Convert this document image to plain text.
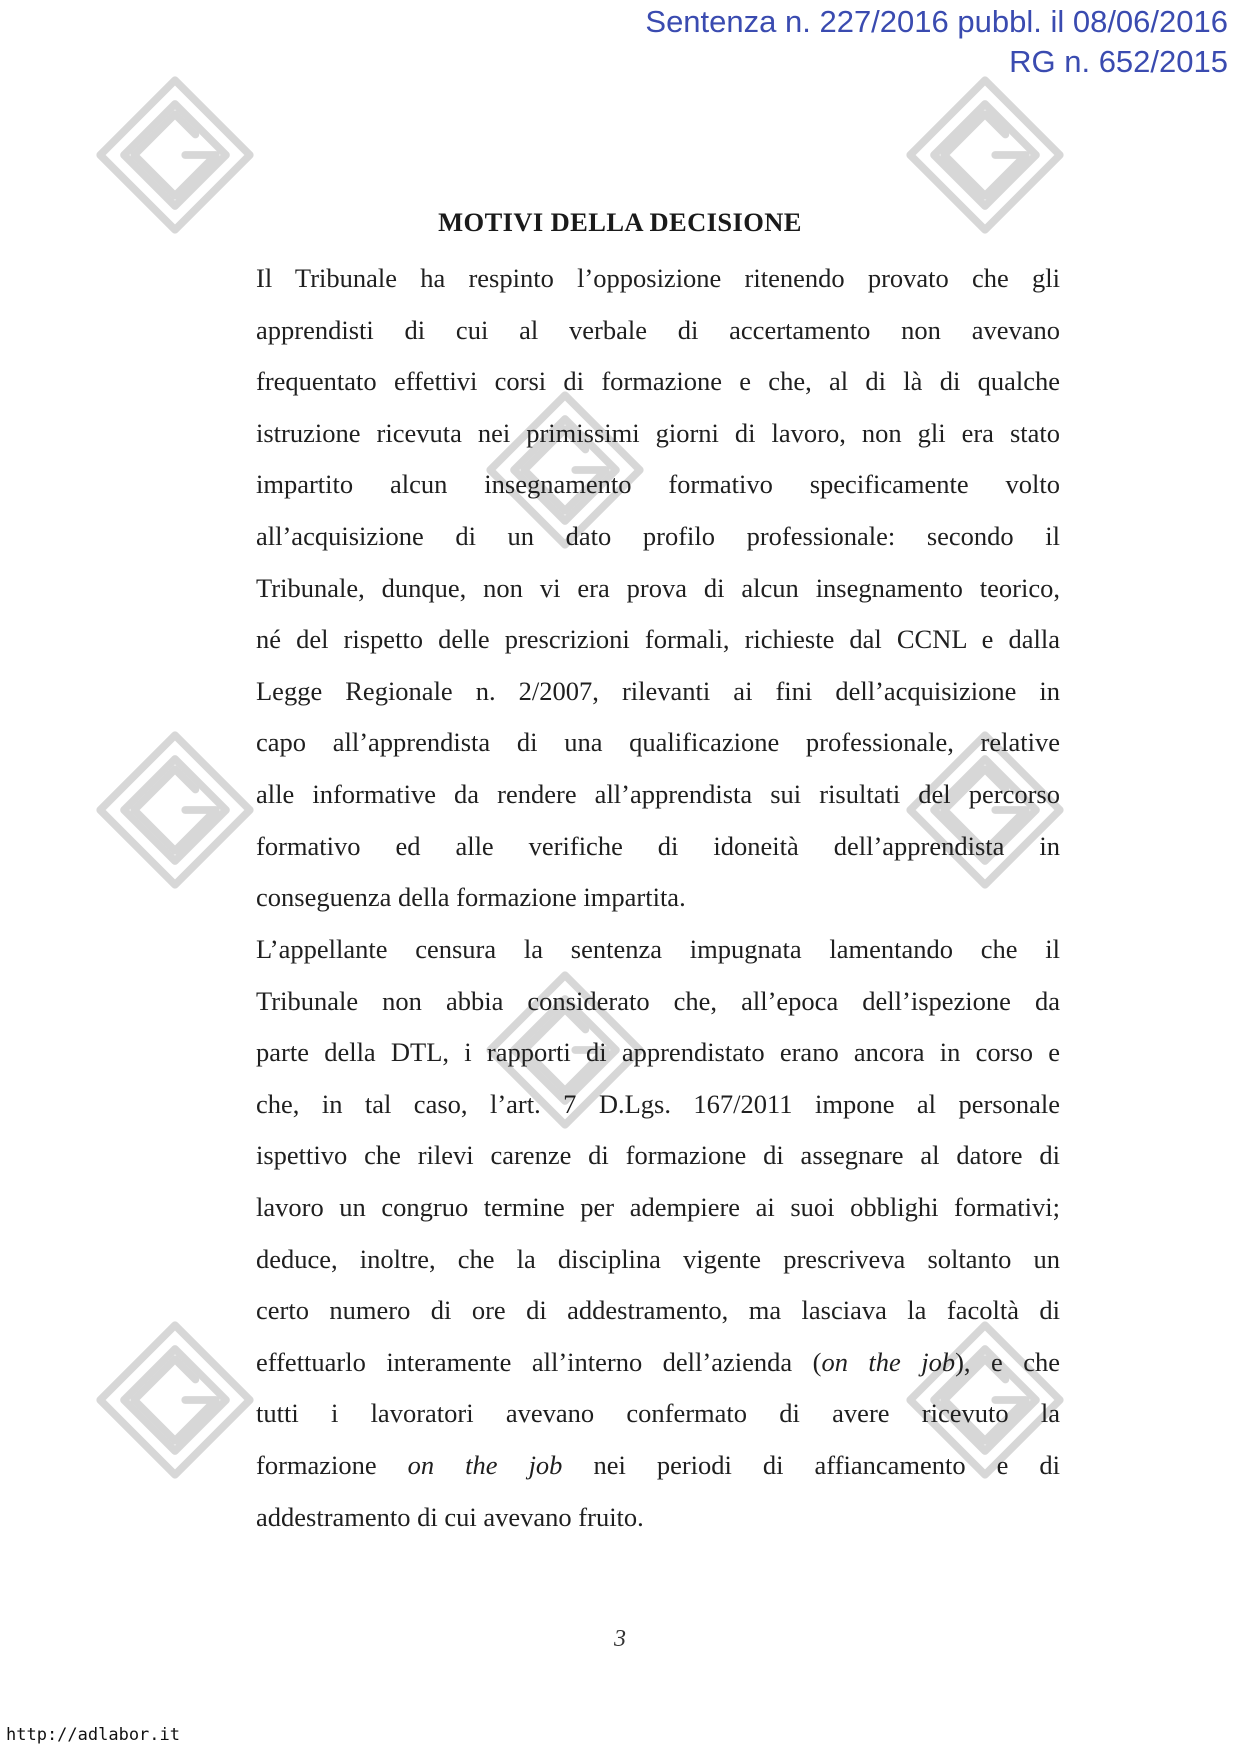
Sentenza n. 227/2016 pubbl. il 08/06/2016
RG n. 652/2015
MOTIVI DELLA DECISIONE
Il Tribunale ha respinto l’opposizione ritenendo provato che gli
apprendisti di cui al verbale di accertamento non avevano
frequentato effettivi corsi di formazione e che, al di là di qualche
istruzione ricevuta nei primissimi giorni di lavoro, non gli era stato
impartito alcun insegnamento formativo specificamente volto
all’acquisizione di un dato profilo professionale: secondo il
Tribunale, dunque, non vi era prova di alcun insegnamento teorico,
né del rispetto delle prescrizioni formali, richieste dal CCNL e dalla
Legge Regionale n. 2/2007, rilevanti ai fini dell’acquisizione in
capo all’apprendista di una qualificazione professionale, relative
alle informative da rendere all’apprendista sui risultati del percorso
formativo ed alle verifiche di idoneità dell’apprendista in
conseguenza della formazione impartita.
L’appellante censura la sentenza impugnata lamentando che il
Tribunale non abbia considerato che, all’epoca dell’ispezione da
parte della DTL, i rapporti di apprendistato erano ancora in corso e
che, in tal caso, l’art. 7 D.Lgs. 167/2011 impone al personale
ispettivo che rilevi carenze di formazione di assegnare al datore di
lavoro un congruo termine per adempiere ai suoi obblighi formativi;
deduce, inoltre, che la disciplina vigente prescriveva soltanto un
certo numero di ore di addestramento, ma lasciava la facoltà di
effettuarlo interamente all’interno dell’azienda (on the job), e che
tutti i lavoratori avevano confermato di avere ricevuto la
formazione on the job nei periodi di affiancamento e di
addestramento di cui avevano fruito.
3
http://adlabor.it
